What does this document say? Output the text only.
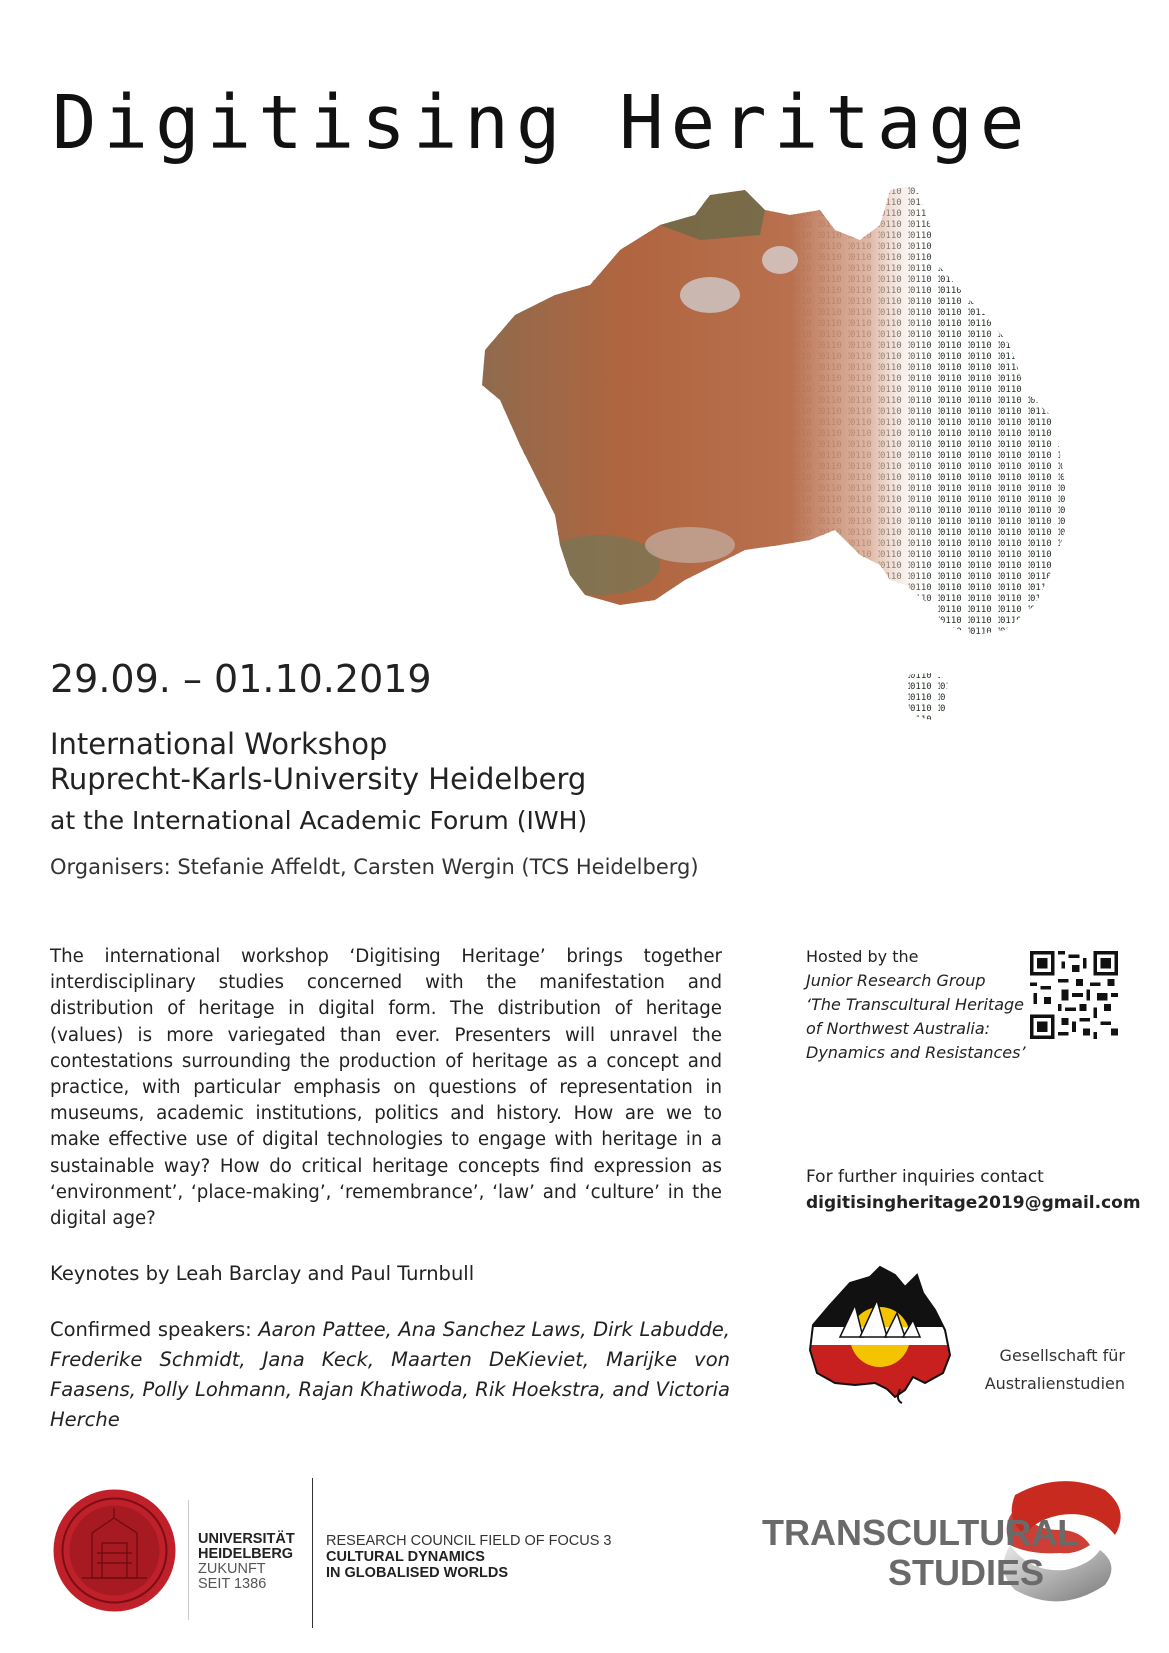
Digitising Heritage
29.09. – 01.10.2019
International Workshop
Ruprecht-Karls-University Heidelberg
at the International Academic Forum (IWH)
Organisers: Stefanie Affeldt, Carsten Wergin (TCS Heidelberg)
The international workshop ‘Digitising Heritage’ brings together interdisciplinary studies concerned with the manifestation and distribution of heritage in digital form. The distribution of heritage (values) is more variegated than ever. Presenters will unravel the contestations surrounding the production of heritage as a concept and practice, with particular emphasis on questions of representation in museums, academic institutions, politics and history. How are we to make effective use of digital technologies to engage with heritage in a sustainable way? How do critical heritage concepts find expression as ‘environment’, ‘place-making’, ‘remembrance’, ‘law’ and ‘culture’ in the digital age?
Hosted by the
Junior Research Group
‘The Transcultural Heritage
of Northwest Australia:
Dynamics and Resistances’
For further inquiries contact
digitisingheritage2019@gmail.com
Keynotes by Leah Barclay and Paul Turnbull
Confirmed speakers: Aaron Pattee, Ana Sanchez Laws, Dirk Labudde, Frederike Schmidt, Jana Keck, Maarten DeKieviet, Marijke von Faasens, Polly Lohmann, Rajan Khatiwoda, Rik Hoekstra, and Victoria Herche
Gesellschaft für
Australienstudien
UNIVERSITÄT
HEIDELBERG
ZUKUNFT
SEIT 1386
RESEARCH COUNCIL FIELD OF FOCUS 3
CULTURAL DYNAMICS
IN GLOBALISED WORLDS
TRANSCULTURAL
STUDIES
